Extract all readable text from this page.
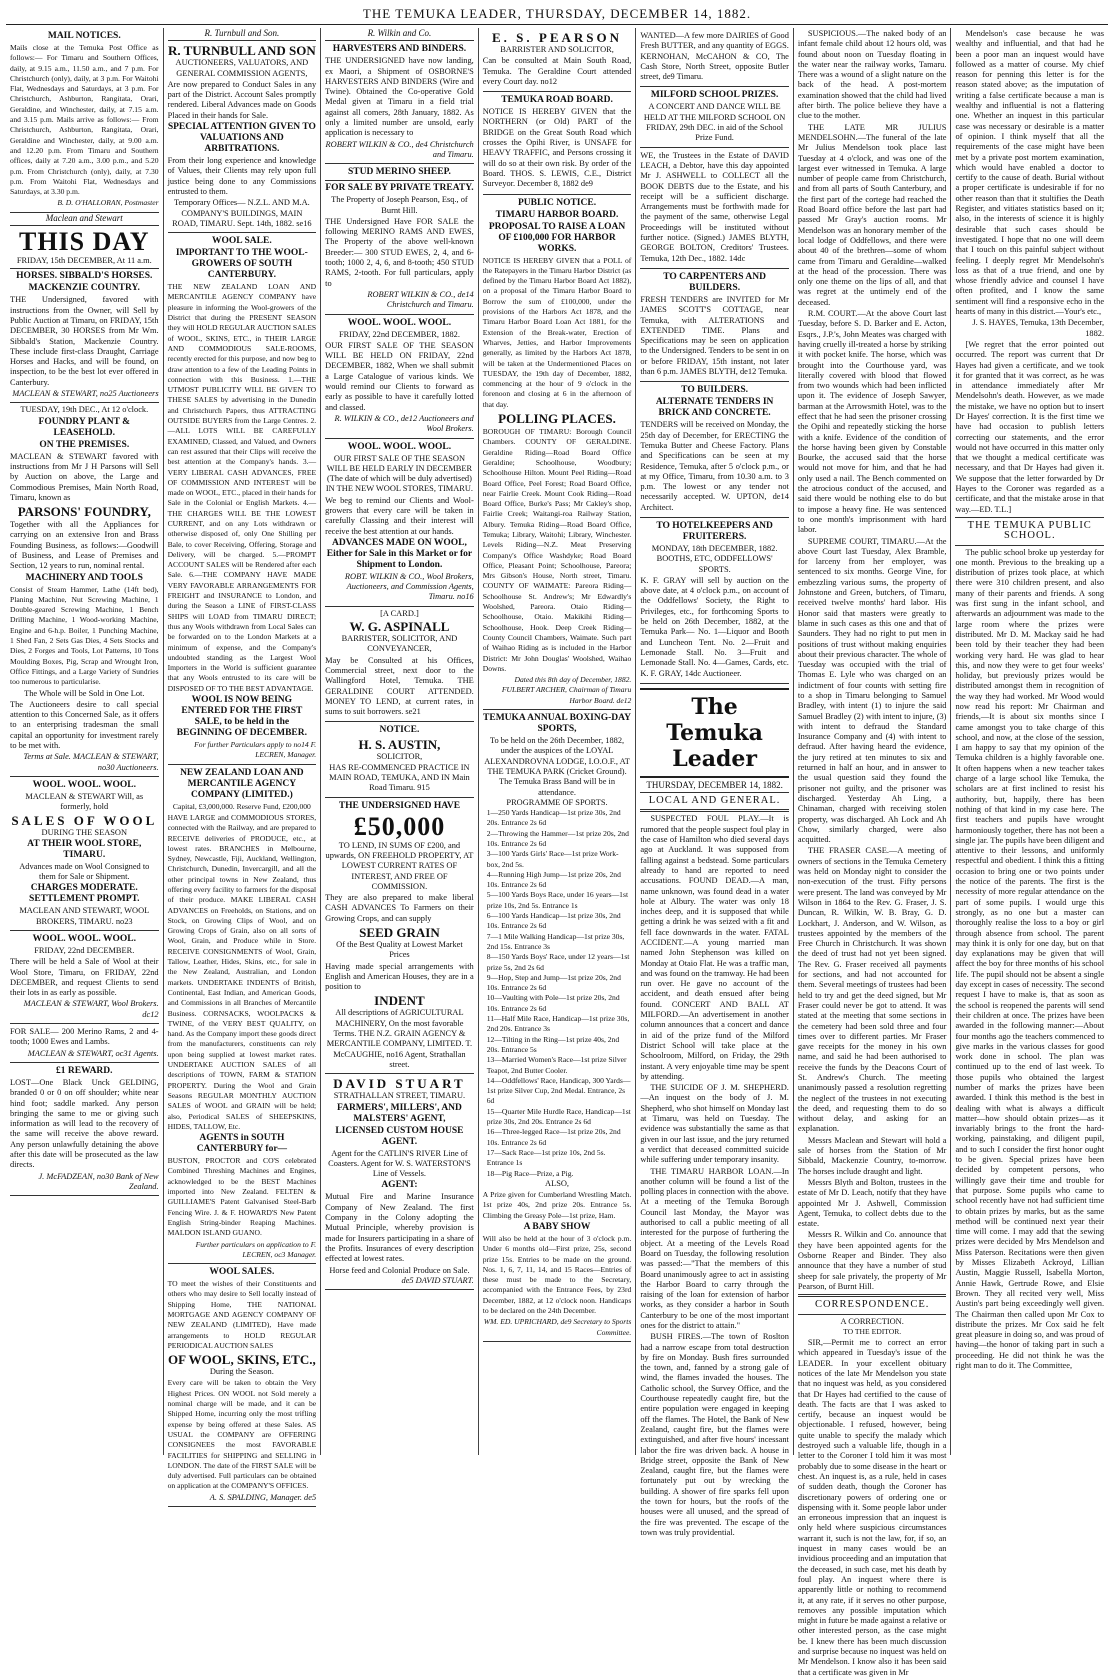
THE TEMUKA LEADER, THURSDAY, DECEMBER 14, 1882.
MAIL NOTICES.

Mails close at the Temuka Post Office as follows:— For Timaru and Southern Offices, daily, at 9.15 a.m., 11.50 a.m., and 7 p.m. For Christchurch (only), daily, at 3 p.m. For Waitohi Flat, Wednesdays and Saturdays, at 3 p.m. For Christchurch, Ashburton, Rangitata, Orari, Geraldine, and Winchester, daily, at 7.15 a.m. and 3.15 p.m. Mails arrive as follows:— From Christchurch, Ashburton, Rangitata, Orari, Geraldine and Winchester, daily, at 9.00 a.m. and 12.20 p.m. From Timaru and Southern offices, daily at 7.20 a.m., 3.00 p.m., and 5.20 p.m. From Christchurch (only), daily, at 7.30 p.m. From Waitohi Flat, Wednesdays and Saturdays, at 3.30 p.m.

B. D. O'HALLORAN, Postmaster
Maclean and Stewart
THIS DAY
FRIDAY, 15th DECEMBER, At 11 a.m.
HORSES. SIBBALD'S HORSES.
MACKENZIE COUNTRY.

THE Undersigned, favored with instructions from the Owner, will Sell by Public Auction at Timaru, on FRIDAY, 15th DECEMBER, 30 HORSES from Mr Wm. Sibbald's Station, Mackenzie Country. These include first-class Draught, Carriage Horses and Hacks, and will be found, on inspection, to be the best lot ever offered in Canterbury.

MACLEAN & STEWART, no25 Auctioneers
TUESDAY, 19th DEC., At 12 o'clock.
FOUNDRY PLANT & LEASEHOLD.
ON THE PREMISES.

MACLEAN & STEWART favored with instructions from Mr J H Parsons will Sell by Auction on above, the Large and Commodious Premises, Main North Road, Timaru, known as

PARSONS' FOUNDRY,

Together with all the Appliances for carrying on an extensive Iron and Brass Founding Business, as follows:—Goodwill of Business, and Lease of Premises and Section, 12 years to run, nominal rental.

MACHINERY AND TOOLS

Consist of Steam Hammer, Lathe (14ft bed), Planing Machine, Nut Screwing Machine, 1 Double-geared Screwing Machine, 1 Bench Drilling Machine, 1 Wood-working Machine, Engine and 6-h.p. Boiler, 1 Punching Machine, 1 Shed Fan, 2 Sets Gas Dies, 4 Sets Stocks and Dies, 2 Forges and Tools, Lot Patterns, 10 Tons Moulding Boxes, Pig, Scrap and Wrought Iron, Office Fittings, and a Large Variety of Sundries too numerous to particularise.

The Whole will be Sold in One Lot.

The Auctioneers desire to call special attention to this Concerned Sale, as it offers to an enterprising tradesman the small capital an opportunity for investment rarely to be met with.

Terms at Sale. MACLEAN & STEWART, no30 Auctioneers.
WOOL. WOOL. WOOL.
MACLEAN & STEWART Will, as formerly, hold
SALES OF WOOL
DURING THE SEASON
AT THEIR WOOL STORE, TIMARU.
Advances made on Wool Consigned to them for Sale or Shipment.
CHARGES MODERATE. SETTLEMENT PROMPT.
MACLEAN AND STEWART, WOOL BROKERS, TIMARU. no23
WOOL. WOOL. WOOL.
FRIDAY, 22nd DECEMBER.

There will be held a Sale of Wool at their Wool Store, Timaru, on FRIDAY, 22nd DECEMBER, and request Clients to send their lots in as early as possible.

MACLEAN & STEWART, Wool Brokers. dc12

FOR SALE— 200 Merino Rams, 2 and 4-tooth; 1000 Ewes and Lambs.

MACLEAN & STEWART, oc31 Agents.
£1 REWARD.

LOST—One Black Unck GELDING, branded 0 or 0 on off shoulder; white near hind foot; saddle marked. Any person bringing the same to me or giving such information as will lead to the recovery of the same will receive the above reward. Any person unlawfully detaining the above after this date will be prosecuted as the law directs.

J. McFADZEAN, no30 Bank of New Zealand.
R. Turnbull and Son.
R. TURNBULL AND SON
AUCTIONEERS, VALUATORS, AND GENERAL COMMISSION AGENTS,

Are now prepared to Conduct Sales in any part of the District. Account Sales promptly rendered. Liberal Advances made on Goods Placed in their hands for Sale.

SPECIAL ATTENTION GIVEN TO VALUATIONS AND ARBITRATIONS.

From their long experience and knowledge of Values, their Clients may rely upon full justice being done to any Commissions entrusted to them.

Temporary Offices— N.Z.L. AND M.A. COMPANY'S BUILDINGS, MAIN ROAD, TIMARU. Sept. 14th, 1882. se16
WOOL SALE.
IMPORTANT TO THE WOOL-GROWERS OF SOUTH CANTERBURY.

THE NEW ZEALAND LOAN AND MERCANTILE AGENCY COMPANY have pleasure in informing the Wool-growers of the District that during the PRESENT SEASON they will HOLD REGULAR AUCTION SALES of WOOL, SKINS, ETC., in THEIR LARGE AND COMMODIOUS SALE-ROOMS, recently erected for this purpose, and now beg to draw attention to a few of the Leading Points in connection with this Business. 1.—THE UTMOST PUBLICITY WILL BE GIVEN TO THESE SALES by advertising in the Dunedin and Christchurch Papers, thus ATTRACTING OUTSIDE BUYERS from the Large Centres. 2.—ALL LOTS WILL BE CAREFULLY EXAMINED, Classed, and Valued, and Owners can rest assured that their Clips will receive the best attention at the Company's hands. 3.—VERY LIBERAL CASH ADVANCES, FREE OF COMMISSION AND INTEREST will be made on WOOL, ETC., placed in their hands for Sale in the Colonial or English Markets. 4.—THE CHARGES WILL BE THE LOWEST CURRENT, and on any Lots withdrawn or otherwise disposed of, only One Shilling per Bale, to cover Receiving, Offering, Storage and Delivery, will be charged. 5.—PROMPT ACCOUNT SALES will be Rendered after each Sale. 6.—THE COMPANY HAVE MADE VERY FAVORABLE ARRANGEMENTS FOR FREIGHT and INSURANCE to London, and during the Season a LINE of FIRST-CLASS SHIPS will LOAD from TIMARU DIRECT; thus any Wools withdrawn from Local Sales can be forwarded on to the London Markets at a minimum of expense, and the Company's undoubted standing as the Largest Wool Importers in the World is sufficient guarantee that any Wools entrusted to its care will be DISPOSED OF TO THE BEST ADVANTAGE.

WOOL IS NOW BEING ENTERED FOR THE FIRST SALE, to be held in the BEGINNING OF DECEMBER.
For further Particulars apply to no14 F. LECREN, Manager.
NEW ZEALAND LOAN AND MERCANTILE AGENCY COMPANY (LIMITED.)
Capital, £3,000,000. Reserve Fund, £200,000

HAVE LARGE and COMMODIOUS STORES, connected with the Railway, and are prepared to RECEIVE deliveries of PRODUCE, etc., at lowest rates. BRANCHES in Melbourne, Sydney, Newcastle, Fiji, Auckland, Wellington, Christchurch, Dunedin, Invercargill, and all the other principal towns in New Zealand, thus offering every facility to farmers for the disposal of their produce. MAKE LIBERAL CASH ADVANCES on Freeholds, on Stations, and on Stock, on Growing Clips of Wool, and on Growing Crops of Grain, also on all sorts of Wool, Grain, and Produce while in Store. RECEIVE CONSIGNMENTS of Wool, Grain, Tallow, Leather, Hides, Skins, etc., for sale in the New Zealand, Australian, and London markets. UNDERTAKE INDENTS of British, Continental, East Indian, and American Goods, and Commissions in all Branches of Mercantile Business. CORNSACKS, WOOLPACKS & TWINE, of the VERY BEST QUALITY, on hand. As the Company import these goods direct from the manufacturers, constituents can rely upon being supplied at lowest market rates. UNDERTAKE AUCTION SALES of all descriptions of TOWN, FARM & STATION PROPERTY. During the Wool and Grain Seasons REGULAR MONTHLY AUCTION SALES of WOOL and GRAIN will be held; also, Periodical SALES of SHEEPSKINS, HIDES, TALLOW, Etc.

AGENTS in SOUTH CANTERBURY for—

BUSTON, PROCTOR and CO'S celebrated Combined Threshing Machines and Engines, acknowledged to be the BEST Machines imported into New Zealand. FELTEN & GUILLIAME'S Patent Galvanised Steel-Barb Fencing Wire. J. & F. HOWARD'S New Patent English String-binder Reaping Machines. MALDON ISLAND GUANO.

Further particulars on application to F. LECREN, oc3 Manager.
WOOL SALES.

TO meet the wishes of their Constituents and others who may desire to Sell locally instead of Shipping Home, THE NATIONAL MORTGAGE AND AGENCY COMPANY OF NEW ZEALAND (LIMITED), Have made arrangements to HOLD REGULAR PERIODICAL AUCTION SALES

OF WOOL, SKINS, ETC.,
During the Season.

Every care will be taken to obtain the Very Highest Prices. ON WOOL not Sold merely a nominal charge will be made, and it can be Shipped Home, incurring only the most trifling expense by being offered at these Sales. AS USUAL the COMPANY are OFFERING CONSIGNEES the most FAVORABLE FACILITIES for SHIPPING and SELLING in LONDON. The date of the FIRST SALE will be duly advertised. Full particulars can be obtained on application at the COMPANY'S OFFICES.

A. S. SPALDING, Manager. de5
R. Wilkin and Co.
HARVESTERS AND BINDERS.

THE UNDERSIGNED have now landing, ex Maori, a Shipment of OSBORNE'S HARVESTERS AND BINDERS (Wire and Twine). Obtained the Co-operative Gold Medal given at Timaru in a field trial against all comers, 28th January, 1882. As only a limited number are unsold, early application is necessary to

ROBERT WILKIN & CO., de4 Christchurch and Timaru.
STUD MERINO SHEEP.
FOR SALE BY PRIVATE TREATY.
The Property of Joseph Pearson, Esq., of Burnt Hill.

THE Undersigned Have FOR SALE the following MERINO RAMS AND EWES, The Property of the above well-known Breeder:— 300 STUD EWES, 2, 4, and 6-tooth; 1000 2, 4, 6, and 8-tooth; 450 STUD RAMS, 2-tooth. For full particulars, apply to

ROBERT WILKIN & CO., de14 Christchurch and Timaru.
WOOL. WOOL. WOOL.
FRIDAY, 22nd DECEMBER, 1882.

OUR FIRST SALE OF THE SEASON WILL BE HELD ON FRIDAY, 22nd DECEMBER, 1882, When we shall submit a Large Catalogue of various kinds. We would remind our Clients to forward as early as possible to have it carefully lotted and classed.

R. WILKIN & CO., de12 Auctioneers and Wool Brokers.
WOOL. WOOL. WOOL.
OUR FIRST SALE OF THE SEASON WILL BE HELD EARLY IN DECEMBER (The date of which will be duly advertised) IN THE NEW WOOL STORES, TIMARU.

We beg to remind our Clients and Wool-growers that every care will be taken in carefully Classing and their interest will receive the best attention at our hands.

ADVANCES MADE ON WOOL, Either for Sale in this Market or for Shipment to London.
ROBT. WILKIN & CO., Wool Brokers, Auctioneers, and Commission Agents, Timaru. no16
[A CARD.]
W. G. ASPINALL
BARRISTER, SOLICITOR, AND CONVEYANCER,

May be Consulted at his Offices, Commercial street, next door to the Wallingford Hotel, Temuka. THE GERALDINE COURT ATTENDED. MONEY TO LEND, at current rates, in sums to suit borrowers. se21

NOTICE.
H. S. AUSTIN,
SOLICITOR,
HAS RE-COMMENCED PRACTICE IN MAIN ROAD, TEMUKA, AND IN Main Road Timaru. 915
THE UNDERSIGNED HAVE
£50,000
TO LEND, IN SUMS OF £200, and upwards, ON FREEHOLD PROPERTY, AT LOWEST CURRENT RATES OF INTEREST, AND FREE OF COMMISSION.

They are also prepared to make liberal CASH ADVANCES To Farmers on their Growing Crops, and can supply

SEED GRAIN
Of the Best Quality at Lowest Market Prices

Having made special arrangements with English and American Houses, they are in a position to

INDENT
All descriptions of AGRICULTURAL MACHINERY, On the most favorable Terms. THE N.Z. GRAIN AGENCY & MERCANTILE COMPANY, LIMITED. T. McCAUGHIE, no16 Agent, Strathallan street.
DAVID STUART
STRATHALLAN STREET, TIMARU.
FARMERS', MILLERS', AND MALSTERS' AGENT,
LICENSED CUSTOM HOUSE AGENT.
Agent for the CATLIN'S RIVER Line of Coasters. Agent for W. S. WATERSTON'S Line of Vessels.
AGENT:

Mutual Fire and Marine Insurance Company of New Zealand. The first Company in the Colony adopting the Mutual Principle, whereby provision is made for Insurers participating in a share of the Profits. Insurances of every description effected at lowest rates.

Horse feed and Colonial Produce on Sale.
de5 DAVID STUART.
E. S. PEARSON
BARRISTER AND SOLICITOR,

Can be consulted at Main South Road, Temuka. The Geraldine Court attended every Court day. no12

TEMUKA ROAD BOARD.

NOTICE IS HEREBY GIVEN that the NORTHERN (or Old) PART of the BRIDGE on the Great South Road which crosses the Opihi River, is UNSAFE for HEAVY TRAFFIC, and Persons crossing it will do so at their own risk. By order of the Board. THOS. S. LEWIS, C.E., District Surveyor. December 8, 1882 de9

PUBLIC NOTICE.
TIMARU HARBOR BOARD.
PROPOSAL TO RAISE A LOAN OF £100,000 FOR HARBOR WORKS.

NOTICE IS HEREBY GIVEN that a POLL of the Ratepayers in the Timaru Harbor District (as defined by the Timaru Harbor Board Act 1882), on a proposal of the Timaru Harbor Board to Borrow the sum of £100,000, under the provisions of the Harbors Act 1878, and the Timaru Harbor Board Loan Act 1881, for the Extension of the Break-water, Erection of Wharves, Jetties, and Harbor Improvements generally, as limited by the Harbors Act 1878, will be taken at the Undermentioned Places on TUESDAY, the 19th day of December, 1882, commencing at the hour of 9 o'clock in the forenoon and closing at 6 in the afternoon of that day.

POLLING PLACES.

BOROUGH OF TIMARU: Borough Council Chambers. COUNTY OF GERALDINE. Geraldine Riding—Road Board Office Geraldine; Schoolhouse, Woodbury; Schoolhouse Hilton. Mount Peel Riding—Road Board Office, Peel Forest; Road Board Office, near Fairlie Creek. Mount Cook Riding—Road Board Office, Burke's Pass; Mr Cakley's shop, Fairlie Creek; Waitangi-roa Railway Station, Albury. Temuka Riding—Road Board Office, Temuka; Library, Waitohi; Library, Winchester. Levels Riding—N.Z. Meat Preserving Company's Office Washdyke; Road Board Office, Pleasant Point; Schoolhouse, Pareora; Mrs Gibson's House, North street, Timaru. COUNTY OF WAIMATE: Pareora Riding—Schoolhouse St. Andrew's; Mr Edwardly's Woolshed, Pareora. Otaio Riding—Schoolhouse, Otaio. Makikihi Riding—Schoolhouse, Hook. Deep Creek Riding—County Council Chambers, Waimate. Such part of Waihao Riding as is included in the Harbor District: Mr John Douglas' Woolshed, Waihao Downs.

Dated this 8th day of December, 1882. FULBERT ARCHER, Chairman of Timaru Harbor Board. de12
TEMUKA ANNUAL BOXING-DAY SPORTS,
To be held on the 26th December, 1882, under the auspices of the LOYAL ALEXANDROVNA LODGE, I.O.O.F., AT THE TEMUKA PARK (Cricket Ground).
The Temuka Brass Band will be in attendance.
PROGRAMME OF SPORTS.
1—250 Yards Handicap—1st prize 30s, 2nd 20s. Entrance 2s 6d
2—Throwing the Hammer—1st prize 20s, 2nd 10s. Entrance 2s 6d
3—100 Yards Girls' Race—1st prize Work-box, 2nd 5s.
4—Running High Jump—1st prize 20s, 2nd 10s. Entrance 2s 6d
5—100 Yards Boys Race, under 16 years—1st prize 10s, 2nd 5s. Entrance 1s
6—100 Yards Handicap—1st prize 30s, 2nd 10s. Entrance 2s 6d
7—1 Mile Walking Handicap—1st prize 30s, 2nd 15s. Entrance 3s
8—150 Yards Boys' Race, under 12 years—1st prize 5s, 2nd 2s 6d
9—Hop, Step and Jump—1st prize 20s, 2nd 10s. Entrance 2s 6d
10—Vaulting with Pole—1st prize 20s, 2nd 10s. Entrance 2s 6d
11—Half Mile Race, Handicap—1st prize 30s, 2nd 20s. Entrance 3s
12—Tilting in the Ring—1st prize 40s, 2nd 20s. Entrance 5s
13—Married Women's Race—1st prize Silver Teapot, 2nd Butter Cooler.
14—Oddfellows' Race, Handicap, 300 Yards—1st prize Silver Cup, 2nd Medal. Entrance, 2s 6d
15—Quarter Mile Hurdle Race, Handicap—1st prize 30s, 2nd 20s. Entrance 2s 6d
16—Three-legged Race—1st prize 20s, 2nd 10s. Entrance 2s 6d
17—Sack Race—1st prize 10s, 2nd 5s. Entrance 1s
18—Pig Race—Prize, a Pig.
ALSO,

A Prize given for Cumberland Wrestling Match. 1st prize 40s, 2nd prize 20s. Entrance 5s. Climbing the Greasy Pole—1st prize, Ham.

A BABY SHOW

Will also be held at the hour of 3 o'clock p.m. Under 6 months old—First prize, 25s, second prize 15s. Entries to be made on the ground. Nos. 1, 6, 7, 11, 14, and 15 Races—Entries of these must be made to the Secretary, accompanied with the Entrance Fees, by 23rd December, 1882, at 12 o'clock noon. Handicaps to be declared on the 24th December.

WM. ED. UPRICHARD, de9 Secretary to Sports Committee.

WANTED—A few more DAIRIES of Good Fresh BUTTER, and any quantity of EGGS. KERNOHAN, McCAHON & CO, The Cash Store, North Street, opposite Butler street, de9 Timaru.

MILFORD SCHOOL PRIZES.
A CONCERT AND DANCE WILL BE HELD AT THE MILFORD SCHOOL ON FRIDAY, 29th DEC. in aid of the School Prize Fund.

WE, the Trustees in the Estate of DAVID LEACH, a Debtor, have this day appointed Mr J. ASHWELL to COLLECT all the BOOK DEBTS due to the Estate, and his receipt will be a sufficient discharge. Arrangements must be forthwith made for the payment of the same, otherwise Legal Proceedings will be instituted without further notice. (Signed.) JAMES BLYTH, GEORGE BOLTON, Creditors' Trustees. Temuka, 12th Dec., 1882. 14dc

TO CARPENTERS AND BUILDERS.

FRESH TENDERS are INVITED for Mr JAMES SCOTT'S COTTAGE, near Temuka, with ALTERATIONS and EXTENDED TIME. Plans and Specifications may be seen on application to the Undersigned. Tenders to be sent in on or before FRIDAY, 15th instant, not later than 6 p.m. JAMES BLYTH, de12 Temuka.

TO BUILDERS.
ALTERNATE TENDERS IN BRICK AND CONCRETE.

TENDERS will be received on Monday, the 25th day of December, for ERECTING the Temuka Butter and Cheese Factory. Plans and Specifications can be seen at my Residence, Temuka, after 5 o'clock p.m., or at my Office, Timaru, from 10.30 a.m. to 3 p.m. The lowest or any tender not necessarily accepted. W. UPTON, de14 Architect.

TO HOTELKEEPERS AND FRUITERERS.
MONDAY, 18th DECEMBER, 1882.
BOOTHS, ETC, ODDFELLOWS' SPORTS.

K. F. GRAY will sell by auction on the above date, at 4 o'clock p.m., on account of the Oddfellows' Society, the Right to Privileges, etc., for forthcoming Sports to be held on 26th December, 1882, at the Temuka Park— No. 1—Liquor and Booth and Luncheon Tent. No. 2—Fruit and Lemonade Stall. No. 3—Fruit and Lemonade Stall. No. 4—Games, Cards, etc. K. F. GRAY, 14dc Auctioneer.

The Temuka Leader
THURSDAY, DECEMBER 14, 1882.
LOCAL AND GENERAL.

SUSPECTED FOUL PLAY.—It is rumored that the people suspect foul play in the case of Hamilton who died several days ago at Auckland. It was supposed from falling against a bedstead. Some particulars already to hand are reported to need accusations. FOUND DEAD.—A man, name unknown, was found dead in a water hole at Albury. The water was only 18 inches deep, and it is supposed that while getting a drink he was seized with a fit and fell face downwards in the water. FATAL ACCIDENT.—A young married man named John Stephenson was killed on Monday at Otaio Flat. He was a traffic man, and was found on the tramway. He had been run over. He gave no account of the accident, and death ensued after being found. CONCERT AND BALL AT MILFORD.—An advertisement in another column announces that a concert and dance in aid of the prize fund of the Milford District School will take place at the Schoolroom, Milford, on Friday, the 29th instant. A very enjoyable time may be spent by attending.

THE SUICIDE OF J. M. SHEPHERD.—An inquest on the body of J. M. Shepherd, who shot himself on Monday last at Timaru, was held on Tuesday. The evidence was substantially the same as that given in our last issue, and the jury returned a verdict that deceased committed suicide while suffering under temporary insanity.

THE TIMARU HARBOR LOAN.—In another column will be found a list of the polling places in connection with the above. At a meeting of the Temuka Borough Council last Monday, the Mayor was authorised to call a public meeting of all interested for the purpose of furthering the object. At a meeting of the Levels Road Board on Tuesday, the following resolution was passed:—"That the members of this Board unanimously agree to act in assisting the Harbor Board to carry through the raising of the loan for extension of harbor works, as they consider a harbor in South Canterbury to be one of the most important ones for the district to attain."

BUSH FIRES.—The town of Roslton had a narrow escape from total destruction by fire on Monday. Bush fires surrounded the town, and, fanned by a strong gale of wind, the flames invaded the houses. The Catholic school, the Survey Office, and the Courthouse repeatedly caught fire, but the entire population were engaged in keeping off the flames. The Hotel, the Bank of New Zealand, caught fire, but the flames were extinguished, and after five hours' incessant labor the fire was driven back. A house in Bridge street, opposite the Bank of New Zealand, caught fire, but the flames were fortunately put out by wrecking the building. A shower of fire sparks fell upon the town for hours, but the roofs of the houses were all unused, and the spread of the fire was prevented. The escape of the town was truly providential.

SUSPICIOUS.—The naked body of an infant female child about 12 hours old, was found about noon on Tuesday floating in the water near the railway works, Tamaru. There was a wound of a slight nature on the back of the head. A post-mortem examination showed that the child had lived after birth. The police believe they have a clue to the mother.

THE LATE MR JULIUS MENDELSOHN.—The funeral of the late Mr Julius Mendelson took place last Tuesday at 4 o'clock, and was one of the largest ever witnessed in Temuka. A large number of people came from Christchurch, and from all parts of South Canterbury, and the first part of the cortege had reached the Road Board office before the last part had passed Mr Gray's auction rooms. Mr Mendelson was an honorary member of the local lodge of Oddfellows, and there were about 40 of the brethren—some of whom came from Timaru and Geraldine—walked at the head of the procession. There was only one theme on the lips of all, and that was regret at the untimely end of the deceased.

R.M. COURT.—At the above Court last Tuesday, before S. D. Barker and E. Acton, Esqrs., J.P.'s, John Meates was charged with having cruelly ill-treated a horse by striking it with pocket knife. The horse, which was brought into the Courthouse yard, was literally covered with blood that flowed from two wounds which had been inflicted upon it. The evidence of Joseph Sawyer, barman at the Arrowsmith Hotel, was to the effect that he had seen the prisoner crossing the Opihi and repeatedly sticking the horse with a knife. Evidence of the condition of the horse having been given by Constable Bourke, the accused said that the horse would not move for him, and that he had only used a nail. The Bench commented on the atrocious conduct of the accused, and said there would be nothing else to do but to impose a heavy fine. He was sentenced to one month's imprisonment with hard labor.

SUPREME COURT, TIMARU.—At the above Court last Tuesday, Alex Bramble, for larceny from her employer, was sentenced to six months. George Vine, for embezzling various sums, the property of Johnstone and Green, butchers, of Timaru, received twelve months' hard labor. His Honor said that masters were greatly to blame in such cases as this one and that of Saunders. They had no right to put men in positions of trust without making enquiries about their previous character. The whole of Tuesday was occupied with the trial of Thomas E. Lyle who was charged on an indictment of four counts with setting fire to a shop in Timaru belonging to Samuel Bradley, with intent (1) to injure the said Samuel Bradley (2) with intent to injure, (3) with intent to defraud the Standard Insurance Company and (4) with intent to defraud. After having heard the evidence, the jury retired at ten minutes to six and returned in half an hour, and in answer to the usual question said they found the prisoner not guilty, and the prisoner was discharged. Yesterday Ah Ling, a Chinaman, charged with receiving stolen property, was discharged. Ah Lock and Ah Chow, similarly charged, were also acquitted.

THE FRASER CASE.—A meeting of owners of sections in the Temuka Cemetery was held on Monday night to consider the non-execution of the trust. Fifty persons were present. The land was conveyed by Mr Wilson in 1864 to the Rev. G. Fraser, J. S. Duncan, R. Wilkin, W. B. Bray, G. D. Lockhart, J. Anderson, and W. Wilson, as trustees appointed by the members of the Free Church in Christchurch. It was shown the deed of trust had not yet been signed. The Rev. G. Fraser received all payments for sections, and had not accounted for them. Several meetings of trustees had been held to try and get the deed signed, but Mr Fraser could never be got to attend. It was stated at the meeting that some sections in the cemetery had been sold three and four times over to different parties. Mr Fraser gave receipts for the money in his own name, and said he had been authorised to receive the funds by the Deacons Court of St. Andrew's Church. The meeting unanimously passed a resolution regretting the neglect of the trustees in not executing the deed, and requesting them to do so without delay, and asking for an explanation.

Messrs Maclean and Stewart will hold a sale of horses from the Station of Mr Sibbald, Mackenzie Country, to-morrow. The horses include draught and light.

Messrs Blyth and Bolton, trustees in the estate of Mr D. Leach, notify that they have appointed Mr J. Ashwell, Commission Agent, Temuka, to collect debts due to the estate.

Messrs R. Wilkin and Co. announce that they have been appointed agents for the Osborne Reaper and Binder. They also announce that they have a number of stud sheep for sale privately, the property of Mr Pearson, of Burnt Hill.

CORRESPONDENCE.
A CORRECTION.
TO THE EDITOR.

SIR,—Permit me to correct an error which appeared in Tuesday's issue of the LEADER. In your excellent obituary notices of the late Mr Mendelson you state that no inquest was held, as you considered that Dr Hayes had certified to the cause of death. The facts are that I was asked to certify, because an inquest would be objectionable. I refused, however, being quite unable to specify the malady which destroyed such a valuable life, though in a letter to the Coroner I told him it was most probably due to some disease in the heart or chest. An inquest is, as a rule, held in cases of sudden death, though the Coroner has discretionary powers of ordering one or dispensing with it. Some people labor under an erroneous impression that an inquest is only held where suspicious circumstances warrant it, such is not the law, for, if so, an inquest in many cases would be an invidious proceeding and an imputation that the deceased, in such case, met his death by foul play. An inquest where there is apparently little or nothing to recommend it, at any rate, if it serves no other purpose, removes any possible imputation which might in future be made against a relative or other interested person, as the case might be. I knew there has been much discussion and surprise because no inquest was held on Mr Mendelson. I know also it has been said that a certificate was given in Mr

Mendelson's case because he was wealthy and influential, and that had he been a poor man an inquest would have followed as a matter of course. My chief reason for penning this letter is for the reason stated above; as the imputation of writing a false certificate because a man is wealthy and influential is not a flattering one. Whether an inquest in this particular case was necessary or desirable is a matter of opinion. I think myself that all the requirements of the case might have been met by a private post mortem examination, which would have enabled a doctor to certify to the cause of death. Burial without a proper certificate is undesirable if for no other reason than that it stultifies the Death Register, and vitiates statistics based on it; also, in the interests of science it is highly desirable that such cases should be investigated. I hope that no one will deem that I touch on this painful subject without feeling. I deeply regret Mr Mendelsohn's loss as that of a true friend, and one by whose friendly advice and counsel I have often profited, and I know the same sentiment will find a responsive echo in the hearts of many in this district.—Your's etc.,

J. S. HAYES, Temuka, 13th December, 1882.

[We regret that the error pointed out occurred. The report was current that Dr Hayes had given a certificate, and we took it for granted that it was correct, as he was in attendance immediately after Mr Mendelsohn's death. However, as we made the mistake, we have no option but to insert Dr Hayes' correction. It is the first time we have had occasion to publish letters correcting our statements, and the error would not have occurred in this matter only that we thought a medical certificate was necessary, and that Dr Hayes had given it. We suppose that the letter forwarded by Dr Hayes to the Coroner was regarded as a certificate, and that the mistake arose in that way.—ED. T.L.]

THE TEMUKA PUBLIC SCHOOL.

The public school broke up yesterday for one month. Previous to the breaking up a distribution of prizes took place, at which there were 310 children present, and also many of their parents and friends. A song was first sung in the infant school, and afterwards an adjournment was made to the large room where the prizes were distributed. Mr D. M. Mackay said he had been told by their teacher they had been working very hard. He was glad to hear this, and now they were to get four weeks' holiday, but previously prizes would be distributed amongst them in recognition of the way they had worked. Mr Wood would now read his report: Mr Chairman and friends,—It is about six months since I came amongst you to take charge of this school, and now, at the close of the session, I am happy to say that my opinion of the Temuka children is a highly favorable one. It often happens when a new teacher takes charge of a large school like Temuka, the scholars are at first inclined to resist his authority, but, happily, there has been nothing of that kind in my case here. The first teachers and pupils have wrought harmoniously together, there has not been a single jar. The pupils have been diligent and attentive to their lessons, and uniformly respectful and obedient. I think this a fitting occasion to bring one or two points under the notice of the parents. The first is the necessity of more regular attendance on the part of some pupils. I would urge this strongly, as no one but a master can thoroughly realise the loss to a boy or girl through absence from school. The parent may think it is only for one day, but on that day explanations may be given that will affect the boy for three months of his school life. The pupil should not be absent a single day except in cases of necessity. The second request I have to make is, that as soon as the school is reopened the parents will send their children at once. The prizes have been awarded in the following manner:—About four months ago the teachers commenced to give marks in the various classes for good work done in school. The plan was continued up to the end of last week. To those pupils who obtained the largest number of marks the prizes have been awarded. I think this method is the best in dealing with what is always a difficult matter—how should obtain prizes—as it invariably brings to the front the hard-working, painstaking, and diligent pupil, and to such I consider the first honor ought to be given. Special prizes have been decided by competent persons, who willingly gave their time and trouble for that purpose. Some pupils who came to school recently have not had sufficient time to obtain prizes by marks, but as the same method will be continued next year their time will come. I may add that the sewing prizes were decided by Mrs Mendelson and Miss Paterson. Recitations were then given by Misses Elizabeth Ackroyd, Lillian Austin, Maggie Russell, Isabella Morton, Annie Hawk, Gertrude Rowe, and Elsie Brown. They all recited very well, Miss Austin's part being exceedingly well given. The Chairman then called upon Mr Cox to distribute the prizes. Mr Cox said he felt great pleasure in doing so, and was proud of having—the honor of taking part in such a proceeding. He did not think he was the right man to do it. The Committee,
